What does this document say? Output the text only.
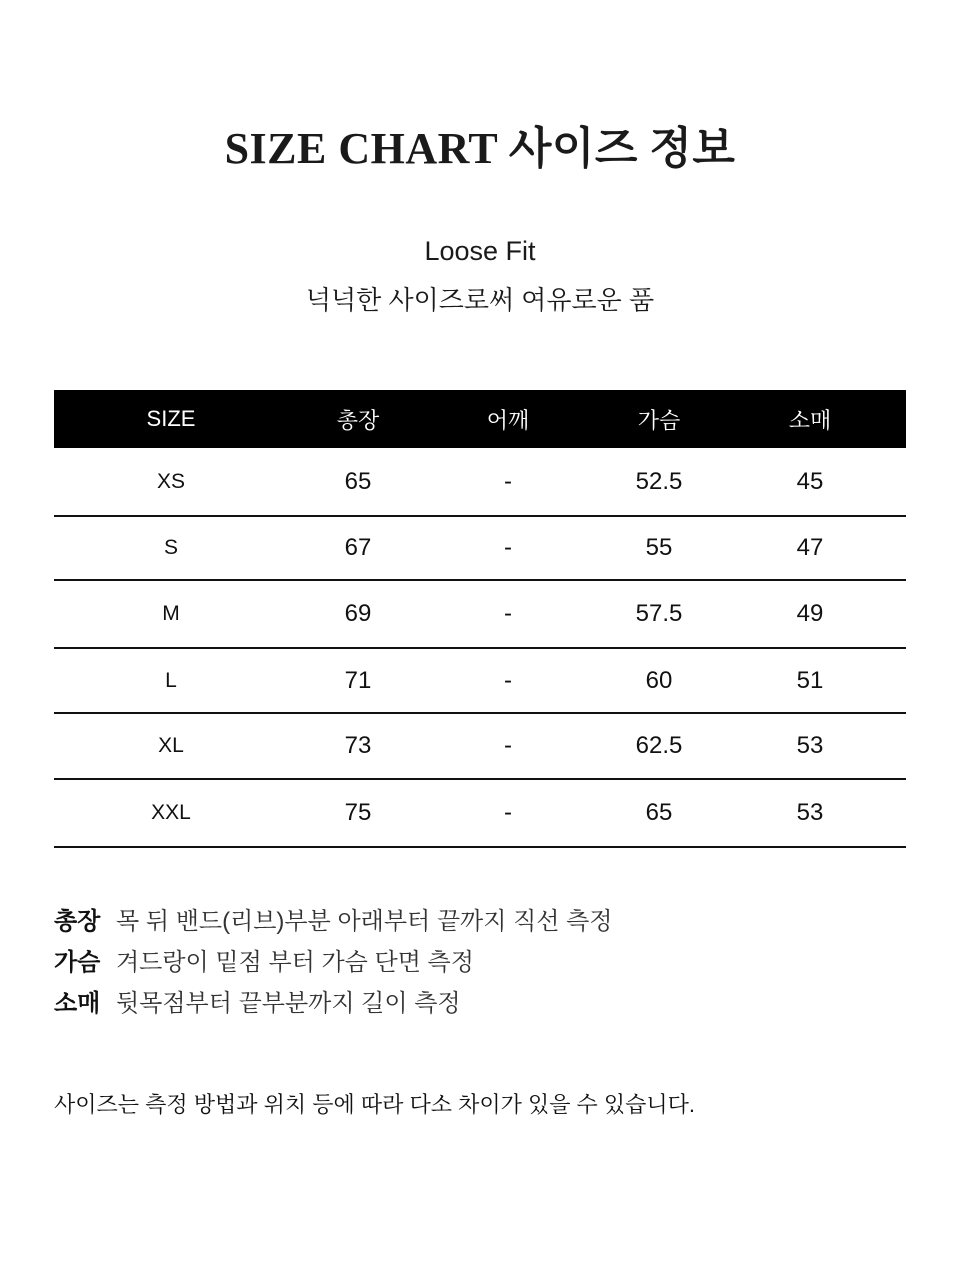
SIZE CHART 사이즈 정보
Loose Fit
넉넉한 사이즈로써 여유로운 품
SIZE	총장	어깨	가슴	소매
XS	65	-	52.5	45
S	67	-	55	47
M	69	-	57.5	49
L	71	-	60	51
XL	73	-	62.5	53
XXL	75	-	65	53
총장 목 뒤 밴드(리브)부분 아래부터 끝까지 직선 측정
가슴 겨드랑이 밑점 부터 가슴 단면 측정
소매 뒷목점부터 끝부분까지 길이 측정
사이즈는 측정 방법과 위치 등에 따라 다소 차이가 있을 수 있습니다.
